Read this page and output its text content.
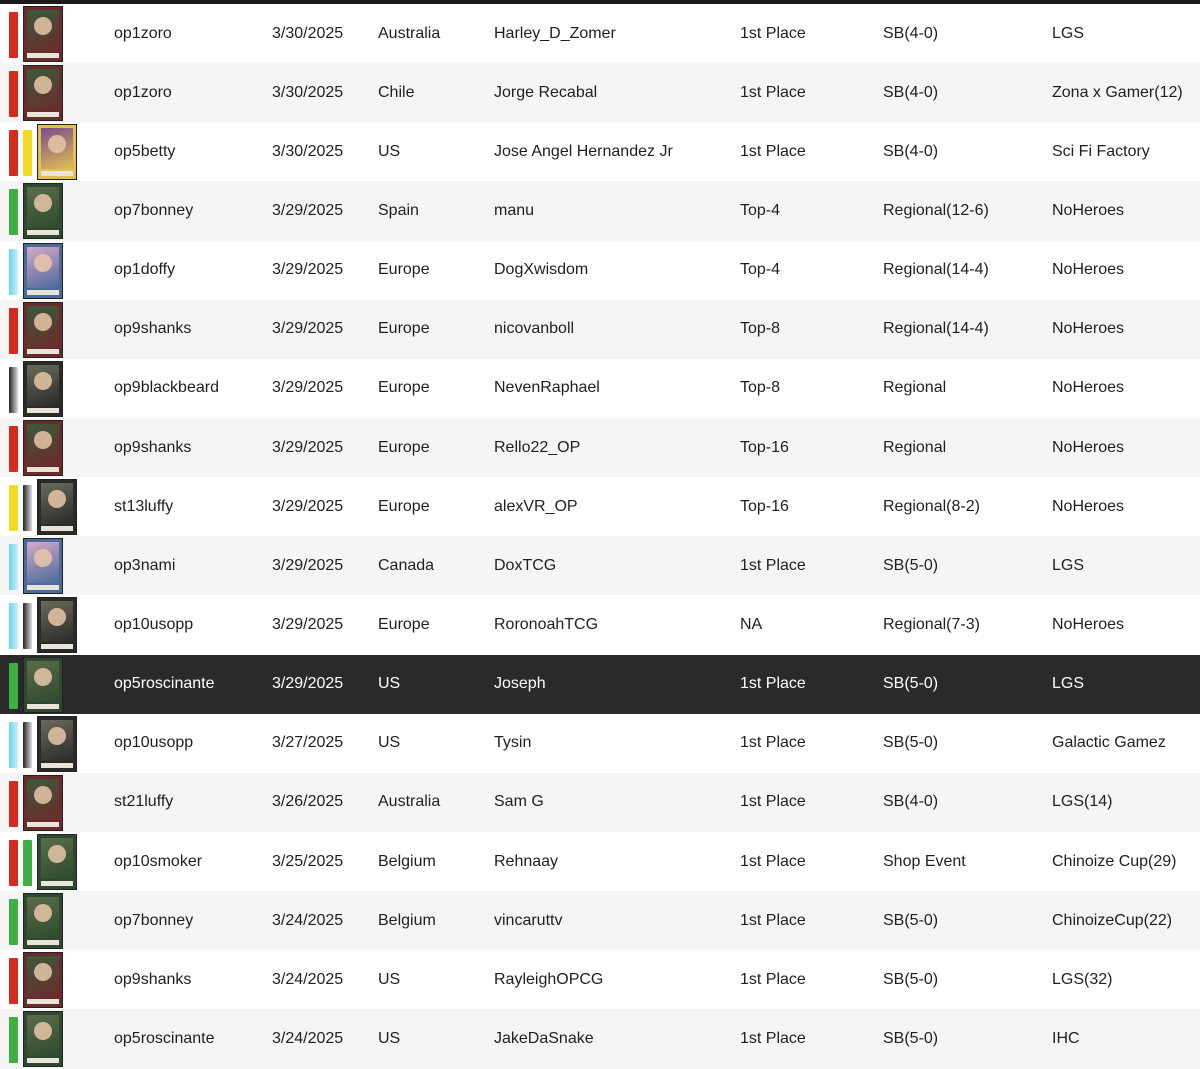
op1zoro	3/30/2025 Australia	Harley_D_Zomer	1st Place	SB(4-0)	LGS
op1zoro	3/30/2025 Chile	Jorge Recabal	1st Place	SB(4-0)	Zona x Gamer(12)
op5betty	3/30/2025 US	Jose Angel Hernandez Jr	1st Place	SB(4-0)	Sci Fi Factory
op7bonney	3/29/2025 Spain	manu	Top-4	Regional(12-6)	NoHeroes
op1doffy	3/29/2025 Europe	DogXwisdom	Top-4	Regional(14-4)	NoHeroes
op9shanks	3/29/2025 Europe	nicovanboll	Top-8	Regional(14-4)	NoHeroes
op9blackbeard	3/29/2025 Europe	NevenRaphael	Top-8	Regional	NoHeroes
op9shanks	3/29/2025 Europe	Rello22_OP	Top-16	Regional	NoHeroes
st13luffy	3/29/2025 Europe	alexVR_OP	Top-16	Regional(8-2)	NoHeroes
op3nami	3/29/2025 Canada	DoxTCG	1st Place	SB(5-0)	LGS
op10usopp	3/29/2025 Europe	RoronoahTCG	NA	Regional(7-3)	NoHeroes
op5roscinante	3/29/2025 US	Joseph	1st Place	SB(5-0)	LGS
op10usopp	3/27/2025 US	Tysin	1st Place	SB(5-0)	Galactic Gamez
st21luffy	3/26/2025 Australia	Sam G	1st Place	SB(4-0)	LGS(14)
op10smoker	3/25/2025 Belgium	Rehnaay	1st Place	Shop Event	Chinoize Cup(29)
op7bonney	3/24/2025 Belgium	vincaruttv	1st Place	SB(5-0)	ChinoizeCup(22)
op9shanks	3/24/2025 US	RayleighOPCG	1st Place	SB(5-0)	LGS(32)
op5roscinante	3/24/2025 US	JakeDaSnake	1st Place	SB(5-0)	IHC
